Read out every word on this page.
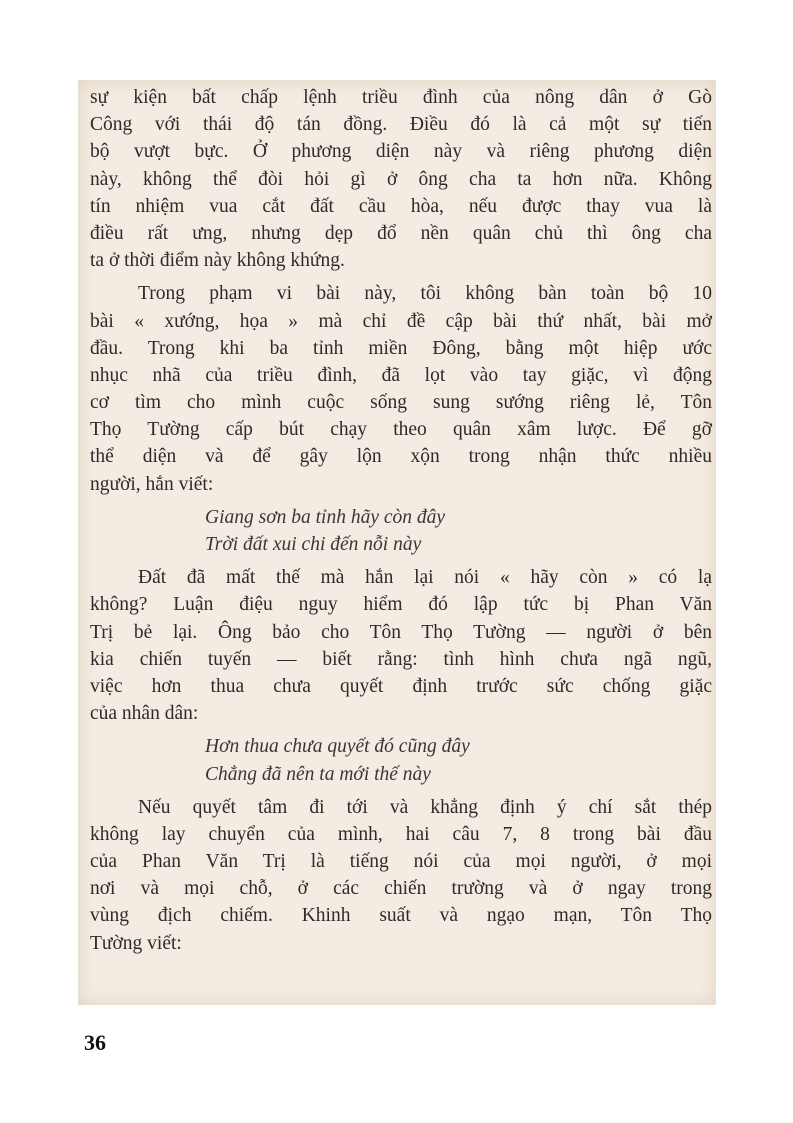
sự kiện bất chấp lệnh triều đình của nông dân ở Gò
Công với thái độ tán đồng. Điều đó là cả một sự tiến
bộ vượt bực. Ở phương diện này và riêng phương diện
này, không thể đòi hỏi gì ở ông cha ta hơn nữa. Không
tín nhiệm vua cắt đất cầu hòa, nếu được thay vua là
điều rất ưng, nhưng dẹp đổ nền quân chủ thì ông cha
ta ở thời điểm này không khứng.
Trong phạm vi bài này, tôi không bàn toàn bộ 10
bài « xướng, họa » mà chỉ đề cập bài thứ nhất, bài mở
đầu. Trong khi ba tỉnh miền Đông, bằng một hiệp ước
nhục nhã của triều đình, đã lọt vào tay giặc, vì động
cơ tìm cho mình cuộc sống sung sướng riêng lẻ, Tôn
Thọ Tường cấp bút chạy theo quân xâm lược. Để gỡ
thể diện và để gây lộn xộn trong nhận thức nhiều
người, hắn viết:
Giang sơn ba tỉnh hãy còn đây
Trời đất xui chi đến nỗi này
Đất đã mất thế mà hắn lại nói « hãy còn » có lạ
không? Luận điệu nguy hiểm đó lập tức bị Phan Văn
Trị bẻ lại. Ông bảo cho Tôn Thọ Tường — người ở bên
kia chiến tuyến — biết rằng: tình hình chưa ngã ngũ,
việc hơn thua chưa quyết định trước sức chống giặc
của nhân dân:
Hơn thua chưa quyết đó cũng đây
Chẳng đã nên ta mới thế này
Nếu quyết tâm đi tới và khẳng định ý chí sắt thép
không lay chuyển của mình, hai câu 7, 8 trong bài đầu
của Phan Văn Trị là tiếng nói của mọi người, ở mọi
nơi và mọi chỗ, ở các chiến trường và ở ngay trong
vùng địch chiếm. Khinh suất và ngạo mạn, Tôn Thọ
Tường viết:
36
